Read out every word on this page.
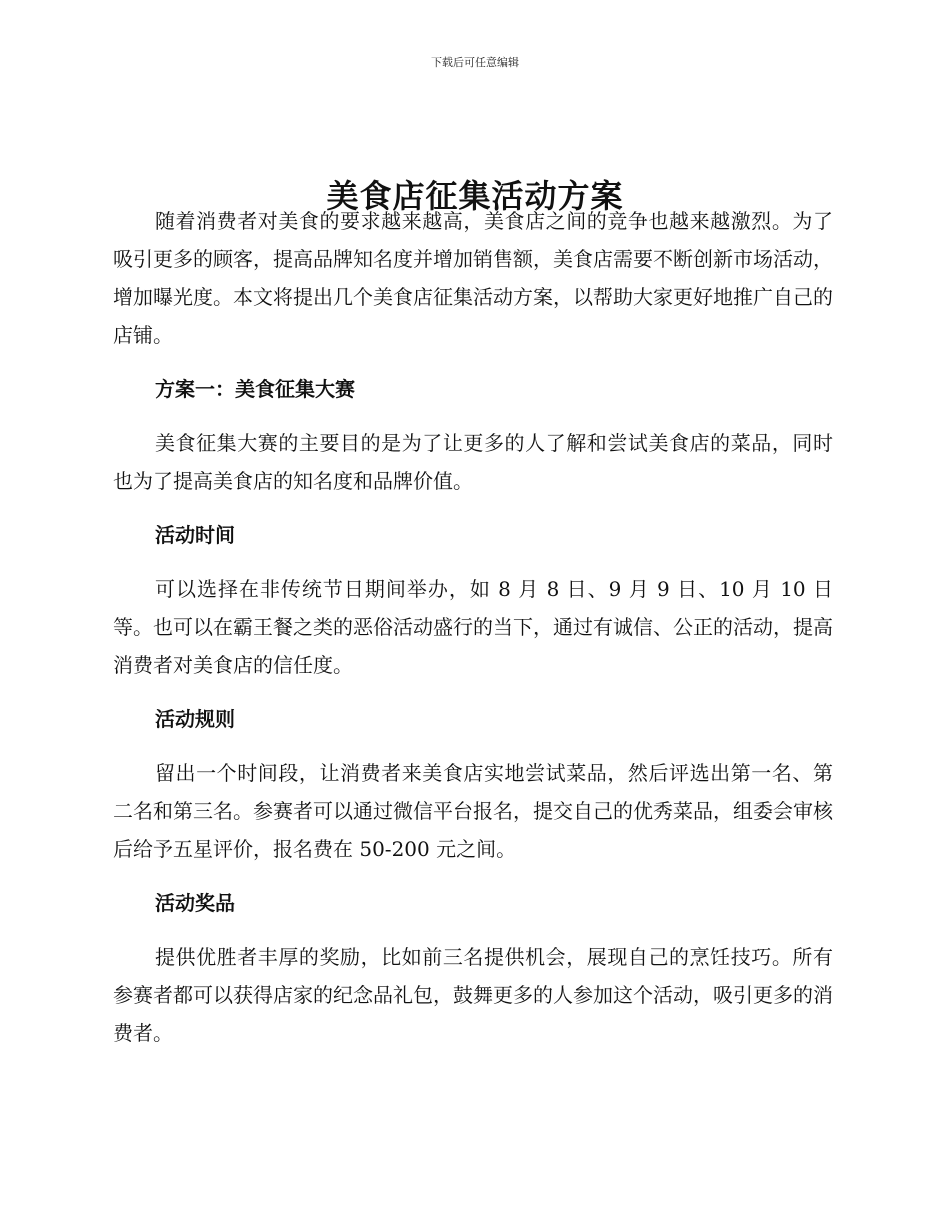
下载后可任意编辑
美食店征集活动方案

随着消费者对美食的要求越来越高，美食店之间的竞争也越来越激烈。为了吸引更多的顾客，提高品牌知名度并增加销售额，美食店需要不断创新市场活动，增加曝光度。本文将提出几个美食店征集活动方案，以帮助大家更好地推广自己的店铺。

方案一：美食征集大赛

美食征集大赛的主要目的是为了让更多的人了解和尝试美食店的菜品，同时也为了提高美食店的知名度和品牌价值。

活动时间

可以选择在非传统节日期间举办，如 8 月 8 日、9 月 9 日、10 月 10 日等。也可以在霸王餐之类的恶俗活动盛行的当下，通过有诚信、公正的活动，提高消费者对美食店的信任度。

活动规则

留出一个时间段，让消费者来美食店实地尝试菜品，然后评选出第一名、第二名和第三名。参赛者可以通过微信平台报名，提交自己的优秀菜品，组委会审核后给予五星评价，报名费在 50-200 元之间。

活动奖品

提供优胜者丰厚的奖励，比如前三名提供机会，展现自己的烹饪技巧。所有参赛者都可以获得店家的纪念品礼包，鼓舞更多的人参加这个活动，吸引更多的消费者。
